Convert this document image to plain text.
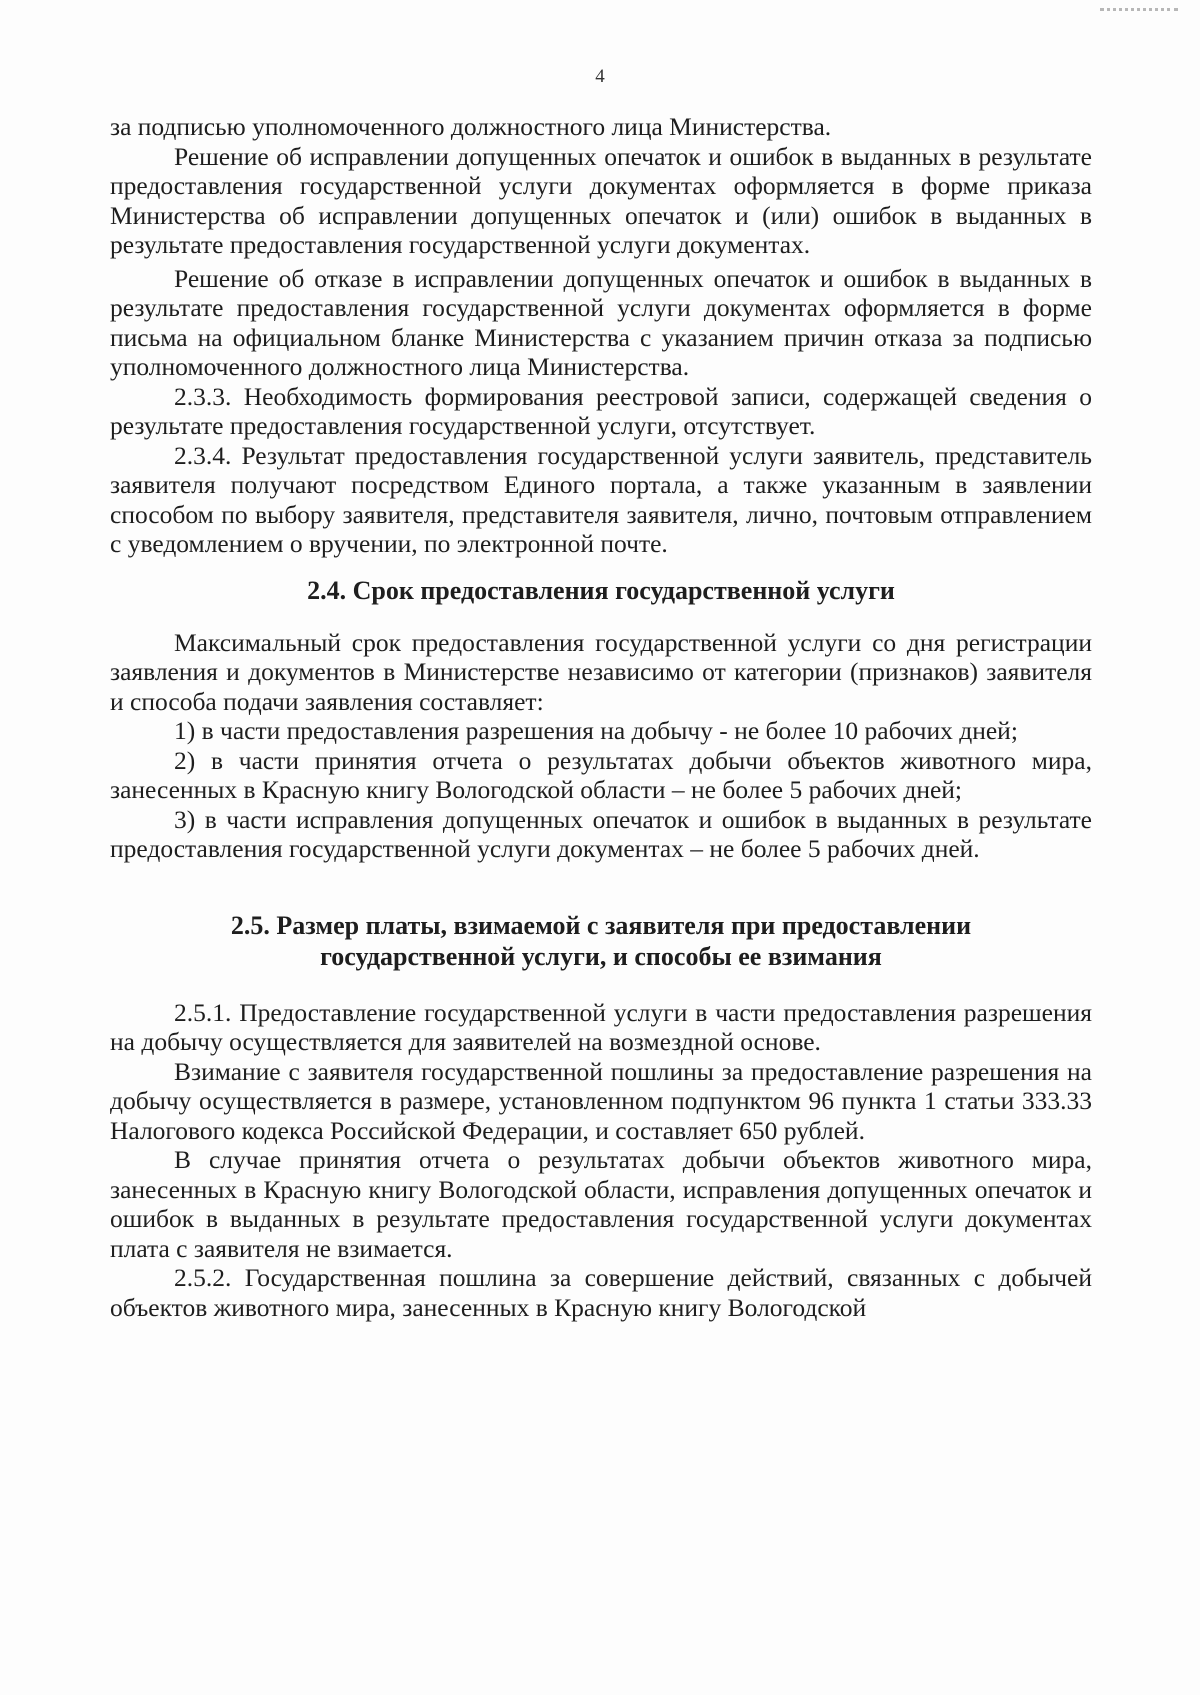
4

за подписью уполномоченного должностного лица Министерства.

Решение об исправлении допущенных опечаток и ошибок в выданных в результате предоставления государственной услуги документах оформляется в форме приказа Министерства об исправлении допущенных опечаток и (или) ошибок в выданных в результате предоставления государственной услуги документах.

Решение об отказе в исправлении допущенных опечаток и ошибок в выданных в результате предоставления государственной услуги документах оформляется в форме письма на официальном бланке Министерства с указанием причин отказа за подписью уполномоченного должностного лица Министерства.

2.3.3. Необходимость формирования реестровой записи, содержащей сведения о результате предоставления государственной услуги, отсутствует.

2.3.4. Результат предоставления государственной услуги заявитель, представитель заявителя получают посредством Единого портала, а также указанным в заявлении способом по выбору заявителя, представителя заявителя, лично, почтовым отправлением с уведомлением о вручении, по электронной почте.

2.4. Срок предоставления государственной услуги

Максимальный срок предоставления государственной услуги со дня регистрации заявления и документов в Министерстве независимо от категории (признаков) заявителя и способа подачи заявления составляет:

1) в части предоставления разрешения на добычу - не более 10 рабочих дней;

2) в части принятия отчета о результатах добычи объектов животного мира, занесенных в Красную книгу Вологодской области – не более 5 рабочих дней;

3) в части исправления допущенных опечаток и ошибок в выданных в результате предоставления государственной услуги документах – не более 5 рабочих дней.

2.5. Размер платы, взимаемой с заявителя при предоставлении государственной услуги, и способы ее взимания

2.5.1. Предоставление государственной услуги в части предоставления разрешения на добычу осуществляется для заявителей на возмездной основе.

Взимание с заявителя государственной пошлины за предоставление разрешения на добычу осуществляется в размере, установленном подпунктом 96 пункта 1 статьи 333.33 Налогового кодекса Российской Федерации, и составляет 650 рублей.

В случае принятия отчета о результатах добычи объектов животного мира, занесенных в Красную книгу Вологодской области, исправления допущенных опечаток и ошибок в выданных в результате предоставления государственной услуги документах плата с заявителя не взимается.

2.5.2. Государственная пошлина за совершение действий, связанных с добычей объектов животного мира, занесенных в Красную книгу Вологодской
